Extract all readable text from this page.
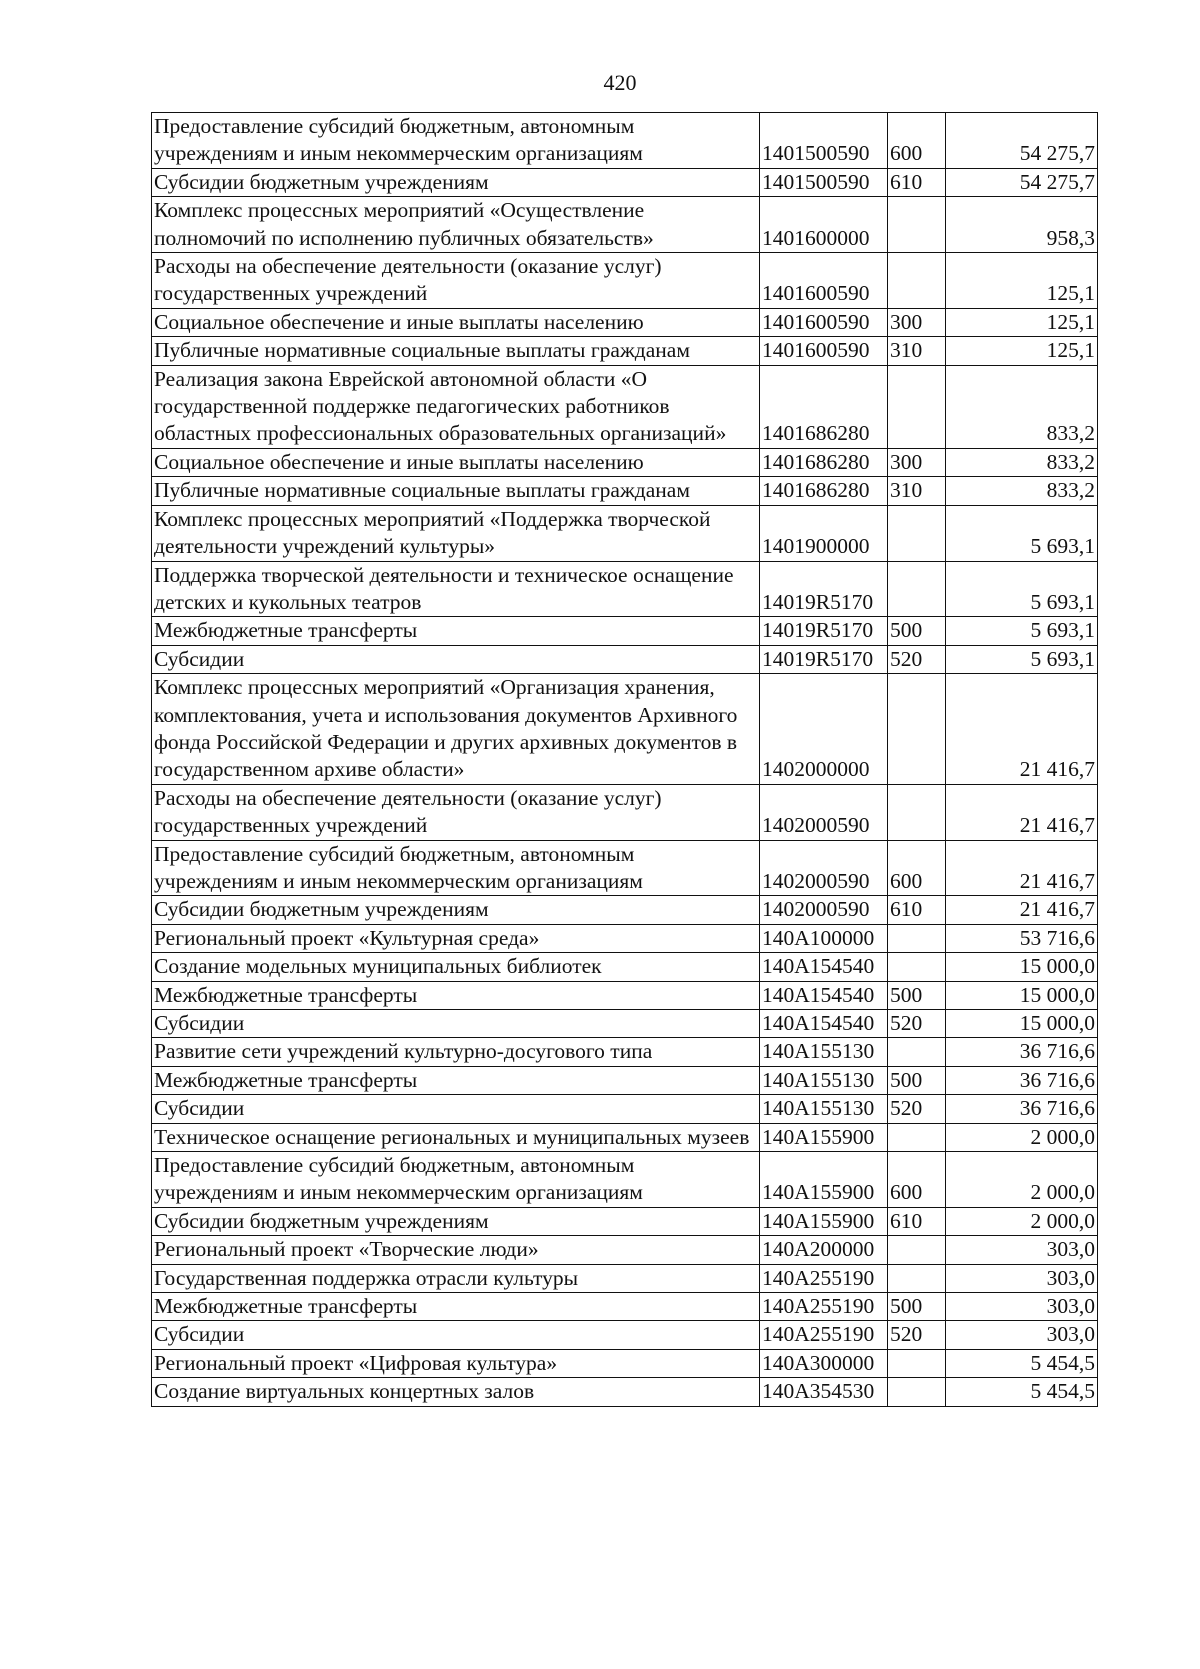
420
Предоставление субсидий бюджетным, автономным учреждениям и иным некоммерческим организациям	1401500590	600	54 275,7
Субсидии бюджетным учреждениям	1401500590	610	54 275,7
Комплекс процессных мероприятий «Осуществление полномочий по исполнению публичных обязательств»	1401600000		958,3
Расходы на обеспечение деятельности (оказание услуг) государственных учреждений	1401600590		125,1
Социальное обеспечение и иные выплаты населению	1401600590	300	125,1
Публичные нормативные социальные выплаты гражданам	1401600590	310	125,1
Реализация закона Еврейской автономной области «О государственной поддержке педагогических работников областных профессиональных образовательных организаций»	1401686280		833,2
Социальное обеспечение и иные выплаты населению	1401686280	300	833,2
Публичные нормативные социальные выплаты гражданам	1401686280	310	833,2
Комплекс процессных мероприятий «Поддержка творческой деятельности учреждений культуры»	1401900000		5 693,1
Поддержка творческой деятельности и техническое оснащение детских и кукольных театров	14019R5170		5 693,1
Межбюджетные трансферты	14019R5170	500	5 693,1
Субсидии	14019R5170	520	5 693,1
Комплекс процессных мероприятий «Организация хранения, комплектования, учета и использования документов Архивного фонда Российской Федерации и других архивных документов в государственном архиве области»	1402000000		21 416,7
Расходы на обеспечение деятельности (оказание услуг) государственных учреждений	1402000590		21 416,7
Предоставление субсидий бюджетным, автономным учреждениям и иным некоммерческим организациям	1402000590	600	21 416,7
Субсидии бюджетным учреждениям	1402000590	610	21 416,7
Региональный проект «Культурная среда»	140А100000		53 716,6
Создание модельных муниципальных библиотек	140А154540		15 000,0
Межбюджетные трансферты	140А154540	500	15 000,0
Субсидии	140А154540	520	15 000,0
Развитие сети учреждений культурно-досугового типа	140А155130		36 716,6
Межбюджетные трансферты	140А155130	500	36 716,6
Субсидии	140А155130	520	36 716,6
Техническое оснащение региональных и муниципальных музеев	140А155900		2 000,0
Предоставление субсидий бюджетным, автономным учреждениям и иным некоммерческим организациям	140А155900	600	2 000,0
Субсидии бюджетным учреждениям	140А155900	610	2 000,0
Региональный проект «Творческие люди»	140А200000		303,0
Государственная поддержка отрасли культуры	140А255190		303,0
Межбюджетные трансферты	140А255190	500	303,0
Субсидии	140А255190	520	303,0
Региональный проект «Цифровая культура»	140А300000		5 454,5
Создание виртуальных концертных залов	140А354530		5 454,5
